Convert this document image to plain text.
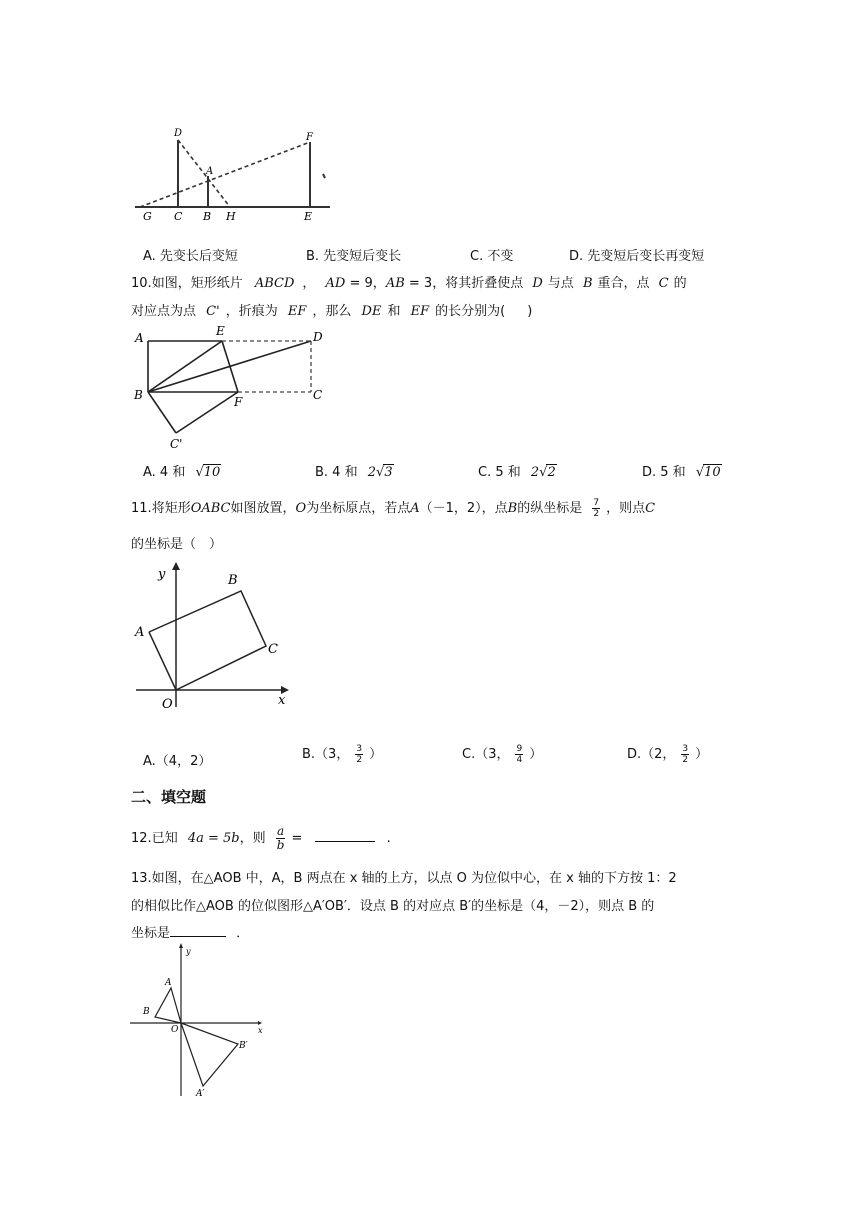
D	F
A
G C B H	E
A. 先变长后变短	B. 先变短后变长	C. 不变	D. 先变短后变长再变短
10.如图，矩形纸片 ABCD ， AD = 9，AB = 3，将其折叠使点 D 与点 B 重合，点 C 的
对应点为点 C' ，折痕为 EF ，那么 DE 和 EF 的长分别为( )
A	E	D
B	F	C
C'
A. 4 和 √10	B. 4 和 2√3	C. 5 和 2√2	D. 5 和 √10
11.将矩形OABC如图放置，O为坐标原点，若点A（－1，2），点B的纵坐标是 $\frac{7}{2}$ ，则点C
的坐标是（　）
y	B
A
C
O	x
A.（4，2）	B.（3， $\frac{3}{2}$ ）	C.（3， $\frac{9}{4}$ ）	D.（2， $\frac{3}{2}$ ）
二、填空题
12.已知 4a = 5b，则 $\frac{a}{b}$ =	.
13.如图，在△AOB 中，A，B 两点在 x 轴的上方，以点 O 为位似中心，在 x 轴的下方按 1：2
的相似比作△AOB 的位似图形△A′OB′．设点 B 的对应点 B′的坐标是（4，－2），则点 B 的
坐标是	．
y
A
B
O	x
B′
A′
